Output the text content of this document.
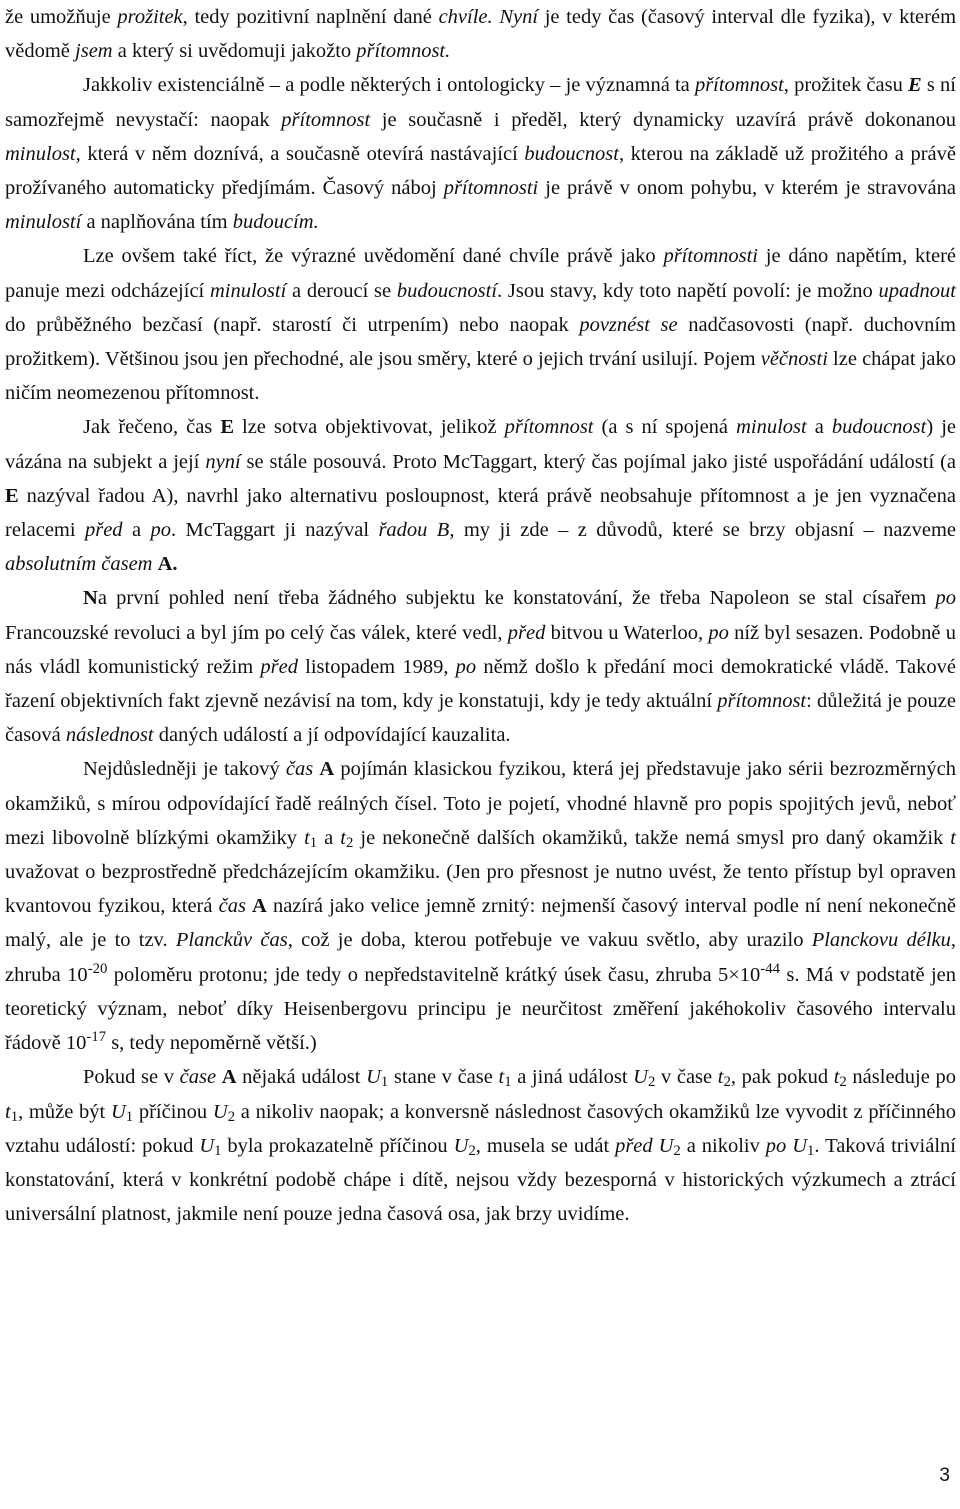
že umožňuje prožitek, tedy pozitivní naplnění dané chvíle. Nyní je tedy čas (časový interval dle fyzika), v kterém vědomě jsem a který si uvědomuji jakožto přítomnost.

Jakkoliv existenciálně – a podle některých i ontologicky – je významná ta přítomnost, prožitek času E s ní samozřejmě nevystačí: naopak přítomnost je současně i předěl, který dynamicky uzavírá právě dokonanou minulost, která v něm doznívá, a současně otevírá nastávající budoucnost, kterou na základě už prožitého a právě prožívaného automaticky předjímám. Časový náboj přítomnosti je právě v onom pohybu, v kterém je stravována minulostí a naplňována tím budoucím.

Lze ovšem také říct, že výrazné uvědomění dané chvíle právě jako přítomnosti je dáno napětím, které panuje mezi odcházející minulostí a deroucí se budoucností. Jsou stavy, kdy toto napětí povolí: je možno upadnout do průběžného bezčasí (např. starostí či utrpením) nebo naopak povznést se nadčasovosti (např. duchovním prožitkem). Většinou jsou jen přechodné, ale jsou směry, které o jejich trvání usilují. Pojem věčnosti lze chápat jako ničím neomezenou přítomnost.

Jak řečeno, čas E lze sotva objektivovat, jelikož přítomnost (a s ní spojená minulost a budoucnost) je vázána na subjekt a její nyní se stále posouvá. Proto McTaggart, který čas pojímal jako jisté uspořádání událostí (a E nazýval řadou A), navrhl jako alternativu posloupnost, která právě neobsahuje přítomnost a je jen vyznačena relacemi před a po. McTaggart ji nazýval řadou B, my ji zde – z důvodů, které se brzy objasní – nazveme absolutním časem A.

Na první pohled není třeba žádného subjektu ke konstatování, že třeba Napoleon se stal císařem po Francouzské revoluci a byl jím po celý čas válek, které vedl, před bitvou u Waterloo, po níž byl sesazen. Podobně u nás vládl komunistický režim před listopadem 1989, po němž došlo k předání moci demokratické vládě. Takové řazení objektivních fakt zjevně nezávisí na tom, kdy je konstatuji, kdy je tedy aktuální přítomnost: důležitá je pouze časová následnost daných událostí a jí odpovídající kauzalita.

Nejdůsledněji je takový čas A pojímán klasickou fyzikou, která jej představuje jako sérii bezrozměrných okamžiků, s mírou odpovídající řadě reálných čísel. Toto je pojetí, vhodné hlavně pro popis spojitých jevů, neboť mezi libovolně blízkými okamžiky $t_1$ a $t_2$ je nekonečně dalších okamžiků, takže nemá smysl pro daný okamžik t uvažovat o bezprostředně předcházejícím okamžiku. (Jen pro přesnost je nutno uvést, že tento přístup byl opraven kvantovou fyzikou, která čas A nazírá jako velice jemně zrnitý: nejmenší časový interval podle ní není nekonečně malý, ale je to tzv. Planckův čas, což je doba, kterou potřebuje ve vakuu světlo, aby urazilo Planckovu délku, zhruba $10^{-20}$ poloměru protonu; jde tedy o nepředstavitelně krátký úsek času, zhruba $5\times 10^{-44}$ s. Má v podstatě jen teoretický význam, neboť díky Heisenbergovu principu je neurčitost změření jakéhokoliv časového intervalu řádově $10^{-17}$ s, tedy nepoměrně větší.)

Pokud se v čase A nějaká událost $U_1$ stane v čase $t_1$ a jiná událost $U_2$ v čase $t_2$, pak pokud $t_2$ následuje po $t_1$, může být $U_1$ příčinou $U_2$ a nikoliv naopak; a konversně následnost časových okamžiků lze vyvodit z příčinného vztahu událostí: pokud $U_1$ byla prokazatelně příčinou $U_2$, musela se udát před $U_2$ a nikoliv po $U_1$. Taková triviální konstatování, která v konkrétní podobě chápe i dítě, nejsou vždy bezesporná v historických výzkumech a ztrácí universální platnost, jakmile není pouze jedna časová osa, jak brzy uvidíme.

3
